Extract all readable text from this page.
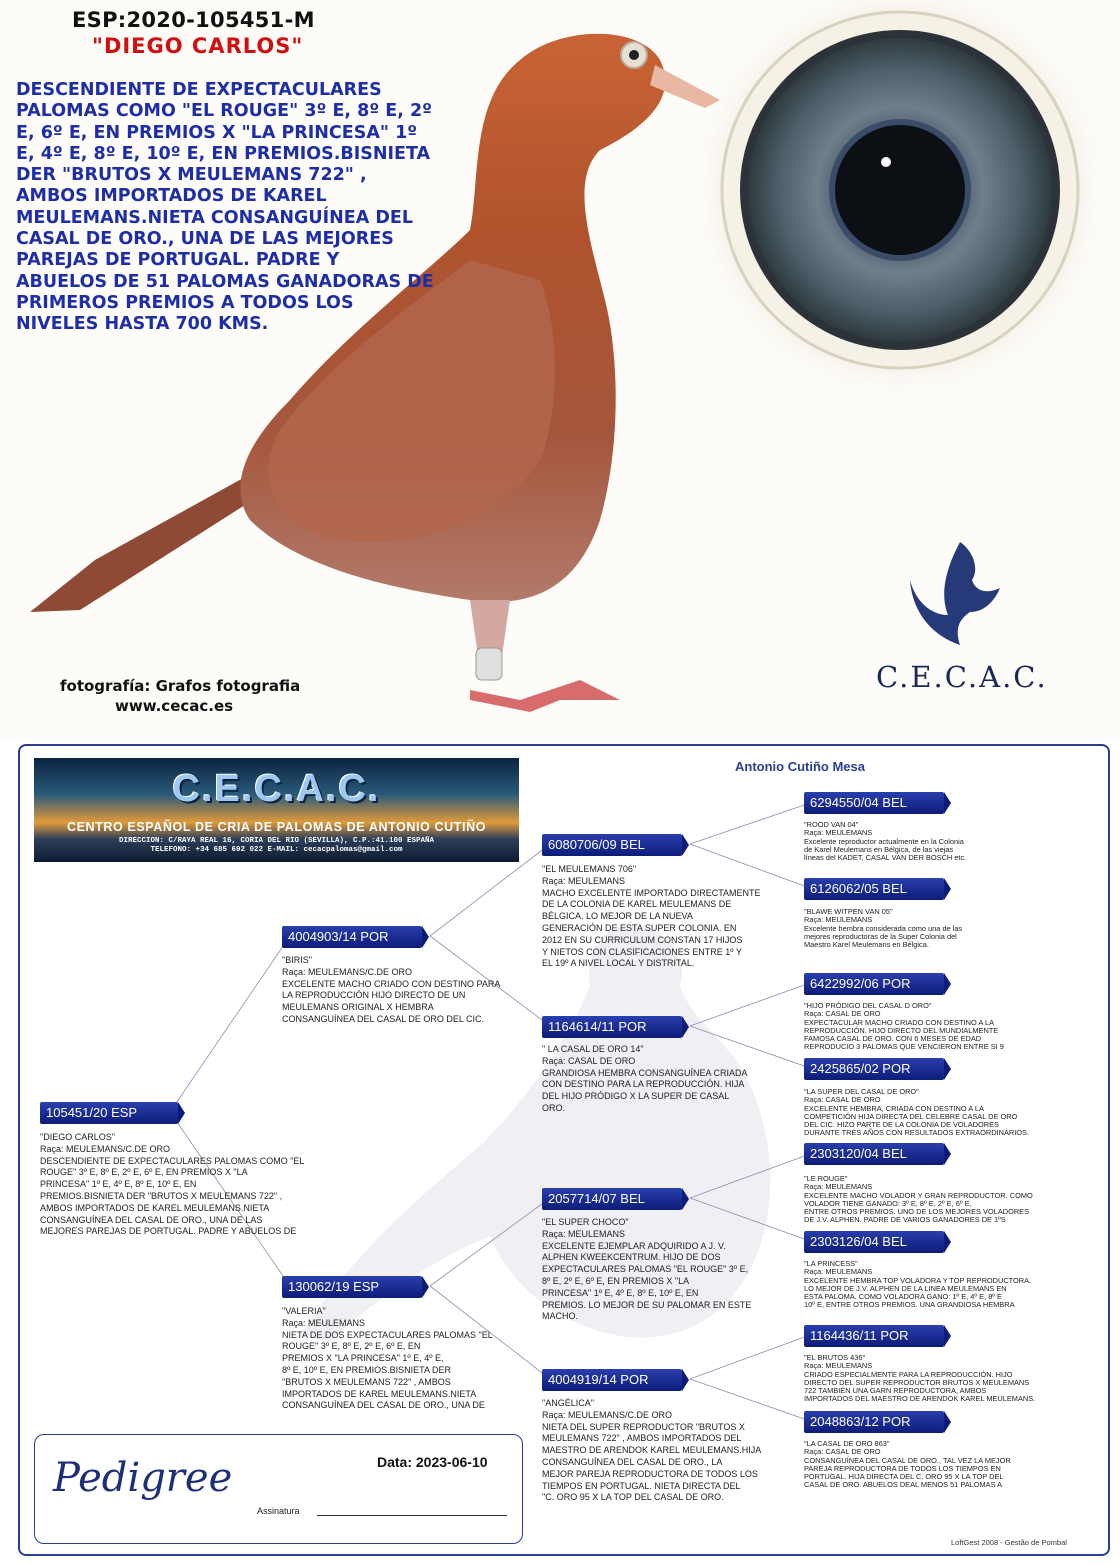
ESP:2020-105451-M
"DIEGO CARLOS"
DESCENDIENTE DE EXPECTACULARES PALOMAS COMO "EL ROUGE" 3º E, 8º E, 2º E, 6º E, EN PREMIOS X "LA PRINCESA" 1º E, 4º E, 8º E, 10º E, EN PREMIOS.BISNIETA DER "BRUTOS X MEULEMANS 722" , AMBOS IMPORTADOS DE KAREL MEULEMANS.NIETA CONSANGUÍNEA DEL CASAL DE ORO., UNA DE LAS MEJORES PAREJAS DE PORTUGAL. PADRE Y ABUELOS DE 51 PALOMAS GANADORAS DE PRIMEROS PREMIOS A TODOS LOS NIVELES HASTA 700 KMS.
fotografía: Grafos fotografia
www.cecac.es
C.E.C.A.C.
C.E.C.A.C.
CENTRO ESPAÑOL DE CRIA DE PALOMAS DE ANTONIO CUTIÑO
DIRECCION: C/RAYA REAL 16, CORIA DEL RIO (SEVILLA), C.P.:41.100 ESPAÑA
TELEFONO: +34 685 692 022 E-MAIL: cecacpalomas@gmail.com
Antonio Cutiño Mesa
105451/20 ESP
"DIEGO CARLOS"
Raça: MEULEMANS/C.DE ORO
DESCENDIENTE DE EXPECTACULARES PALOMAS COMO "EL
ROUGE" 3º E, 8º E, 2º E, 6º E, EN PREMIOS X "LA
PRINCESA" 1º E, 4º E, 8º E, 10º E, EN
PREMIOS.BISNIETA DER "BRUTOS X MEULEMANS 722" ,
AMBOS IMPORTADOS DE KAREL MEULEMANS.NIETA
CONSANGUÍNEA DEL CASAL DE ORO., UNA DE LAS
MEJORES PAREJAS DE PORTUGAL. PADRE Y ABUELOS DE
4004903/14 POR
"BIRIS"
Raça: MEULEMANS/C.DE ORO
EXCELENTE MACHO CRIADO CON DESTINO PARA
LA REPRODUCCIÓN HIJO DIRECTO DE UN
MEULEMANS ORIGINAL X HEMBRA
CONSANGUÍNEA DEL CASAL DE ORO DEL CIC.
130062/19 ESP
"VALERIA"
Raça: MEULEMANS
NIETA DE DOS EXPECTACULARES PALOMAS "EL
ROUGE" 3º E, 8º E, 2º E, 6º E, EN
PREMIOS X "LA PRINCESA" 1º E, 4º E,
8º E, 10º E, EN PREMIOS.BISNIETA DER
"BRUTOS X MEULEMANS 722" , AMBOS
IMPORTADOS DE KAREL MEULEMANS.NIETA
CONSANGUÍNEA DEL CASAL DE ORO., UNA DE
6080706/09 BEL
"EL MEULEMANS 706"
Raça: MEULEMANS
MACHO EXCELENTE IMPORTADO DIRECTAMENTE
DE LA COLONIA DE KAREL MEULEMANS DE
BÉLGICA. LO MEJOR DE LA NUEVA
GENERACIÓN DE ESTA SUPER COLONIA. EN
2012 EN SU CURRICULUM CONSTAN 17 HIJOS
Y NIETOS CON CLASIFICACIONES ENTRE 1º Y
EL 19º A NIVEL LOCAL Y DISTRITAL.
1164614/11 POR
" LA CASAL DE ORO 14"
Raça: CASAL DE ORO
GRANDIOSA HEMBRA CONSANGUÍNEA CRIADA
CON DESTINO PARA LA REPRODUCCIÓN. HIJA
DEL HIJO PRÓDIGO X LA SUPER DE CASAL
ORO.
2057714/07 BEL
"EL SUPER CHOCO"
Raça: MEULEMANS
EXCELENTE EJEMPLAR ADQUIRIDO A J. V.
ALPHEN KWEEKCENTRUM. HIJO DE DOS
EXPECTACULARES PALOMAS "EL ROUGE" 3º E,
8º E, 2º E, 6º E, EN PREMIOS X "LA
PRINCESA" 1º E, 4º E, 8º E, 10º E, EN
PREMIOS. LO MEJOR DE SU PALOMAR EN ESTE
MACHO.
4004919/14 POR
"ANGÉLICA"
Raça: MEULEMANS/C.DE ORO
NIETA DEL SUPER REPRODUCTOR "BRUTOS X
MEULEMANS 722" , AMBOS IMPORTADOS DEL
MAESTRO DE ARENDOK KAREL MEULEMANS.HIJA
CONSANGUÍNEA DEL CASAL DE ORO., LA
MEJOR PAREJA REPRODUCTORA DE TODOS LOS
TIEMPOS EN PORTUGAL. NIETA DIRECTA DEL
"C. ORO 95 X LA TOP DEL CASAL DE ORO.
6294550/04 BEL
"ROOD VAN 04"
Raça: MEULEMANS
Excelente reproductor actualmente en la Colonia
de Karel Meulemans en Bélgica, de las viejas
líneas del KADET, CASAL VAN DER BOSCH etc.
6126062/05 BEL
"BLAWE WITPEN VAN 05"
Raça: MEULEMANS
Excelente hembra considerada como una de las
mejores reproductoras de la Super Colonia del
Maestro Karel Meulemans en Bélgica.
6422992/06 POR
"HIJO PRÓDIGO DEL CASAL D ORO"
Raça: CASAL DE ORO
EXPECTACULAR MACHO CRIADO CON DESTINO A LA
REPRODUCCIÓN. HIJO DIRECTO DEL MUNDIALMENTE
FAMOSA CASAL DE ORO. CON 6 MESES DE EDAD
REPRODUCIO 3 PALOMAS QUE VENCIERON ENTRE SI 9
2425865/02 POR
"LA SUPER DEL CASAL DE ORO"
Raça: CASAL DE ORO
EXCELENTE HEMBRA, CRIADA CON DESTINO A LA
COMPETICIÓN HIJA DIRECTA DEL CELEBRE CASAL DE ORO
DEL CIC. HIZO PARTE DE LA COLONIA DE VOLADORES
DURANTE TRES AÑOS CON RESULTADOS EXTRAORDINARIOS.
2303120/04 BEL
"LE ROUGE"
Raça: MEULEMANS
EXCELENTE MACHO VOLADOR Y GRAN REPRODUCTOR. COMO
VOLADOR TIENE GANADO: 3º E, 8º E, 2º E, 6º E,
ENTRE OTROS PREMIOS. UNO DE LOS MEJORES VOLADORES
DE J.V. ALPHEN. PADRE DE VARIOS GANADORES DE 1ºS
2303126/04 BEL
"LA PRINCESS"
Raça: MEULEMANS
EXCELENTE HEMBRA TOP VOLADORA Y TOP REPRODUCTORA.
LO MEJOR DE J.V. ALPHEN DE LA LINEA MEULEMANS EN
ESTA PALOMA. COMO VOLADORA GANO: 1º E, 4º E, 8º E
10º E, ENTRE OTROS PREMIOS. UNA GRANDIOSA HEMBRA
1164436/11 POR
"EL BRUTOS 436"
Raça: MEULEMANS
CRIADO ESPECIALMENTE PARA LA REPRODUCCIÓN. HIJO
DIRECTO DEL SUPER REPRODUCTOR BRUTOS X MEULEMANS
722 TAMBIÉN UNA GARN REPRODUCTORA, AMBOS
IMPORTADOS DEL MAESTRO DE ARENDOK KAREL MEULEMANS.
2048863/12 POR
"LA CASAL DE ORO 863"
Raça: CASAL DE ORO
CONSANGUÍNEA DEL CASAL DE ORO., TAL VEZ LA MEJOR
PAREJA REPRODUCTORA DE TODOS LOS TIEMPOS EN
PORTUGAL. HIJA DIRECTA DEL C. ORO 95 X LA TOP DEL
CASAL DE ORO. ABUELOS DEAL MENOS 51 PALOMAS A
Pedigree	Data: 2023-06-10
Assinatura
LoftGest 2008 - Gestão de Pombal
